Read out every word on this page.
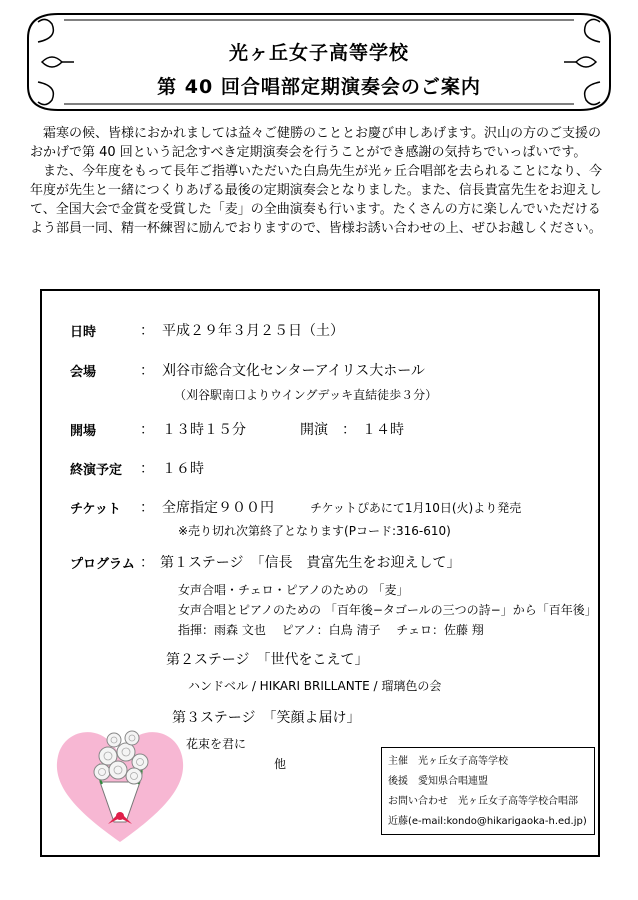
光ヶ丘女子高等学校
第 40 回合唱部定期演奏会のご案内

霜寒の候、皆様におかれましては益々ご健勝のこととお慶び申しあげます。沢山の方のご支援のおかげで第 40 回という記念すべき定期演奏会を行うことができ感謝の気持ちでいっぱいです。

また、今年度をもって長年ご指導いただいた白鳥先生が光ヶ丘合唱部を去られることになり、今年度が先生と一緒につくりあげる最後の定期演奏会となりました。また、信長貴富先生をお迎えして、全国大会で金賞を受賞した「麦」の全曲演奏も行います。たくさんの方に楽しんでいただけるよう部員一同、精一杯練習に励んでおりますので、皆様お誘い合わせの上、ぜひお越しください。

日時	： 平成２９年３月２５日（土）
会場	： 刈谷市総合文化センターアイリス大ホール
（刈谷駅南口よりウイングデッキ直結徒歩３分）
開場	： １３時１５分	開演 ： １４時
終演予定 ： １６時
チケット ： 全席指定９００円	チケットぴあにて1月10日(火)より発売
※売り切れ次第終了となります(Pコード:316-610)
プログラム ： 第１ステージ　「信長　貴富先生をお迎えして」
女声合唱・チェロ・ピアノのための 「麦」
女声合唱とピアノのための 「百年後−タゴールの三つの詩−」から「百年後」
指揮：雨森 文也　 ピアノ：白鳥 清子 　チェロ：佐藤 翔
第２ステージ　「世代をこえて」
ハンドベル / HIKARI BRILLANTE / 瑠璃色の会
第３ステージ　「笑顔よ届け」
花束を君に
他	主催　光ヶ丘女子高等学校
後援　愛知県合唱連盟
お問い合わせ　光ヶ丘女子高等学校合唱部
近藤(e-mail:kondo@hikarigaoka-h.ed.jp)
